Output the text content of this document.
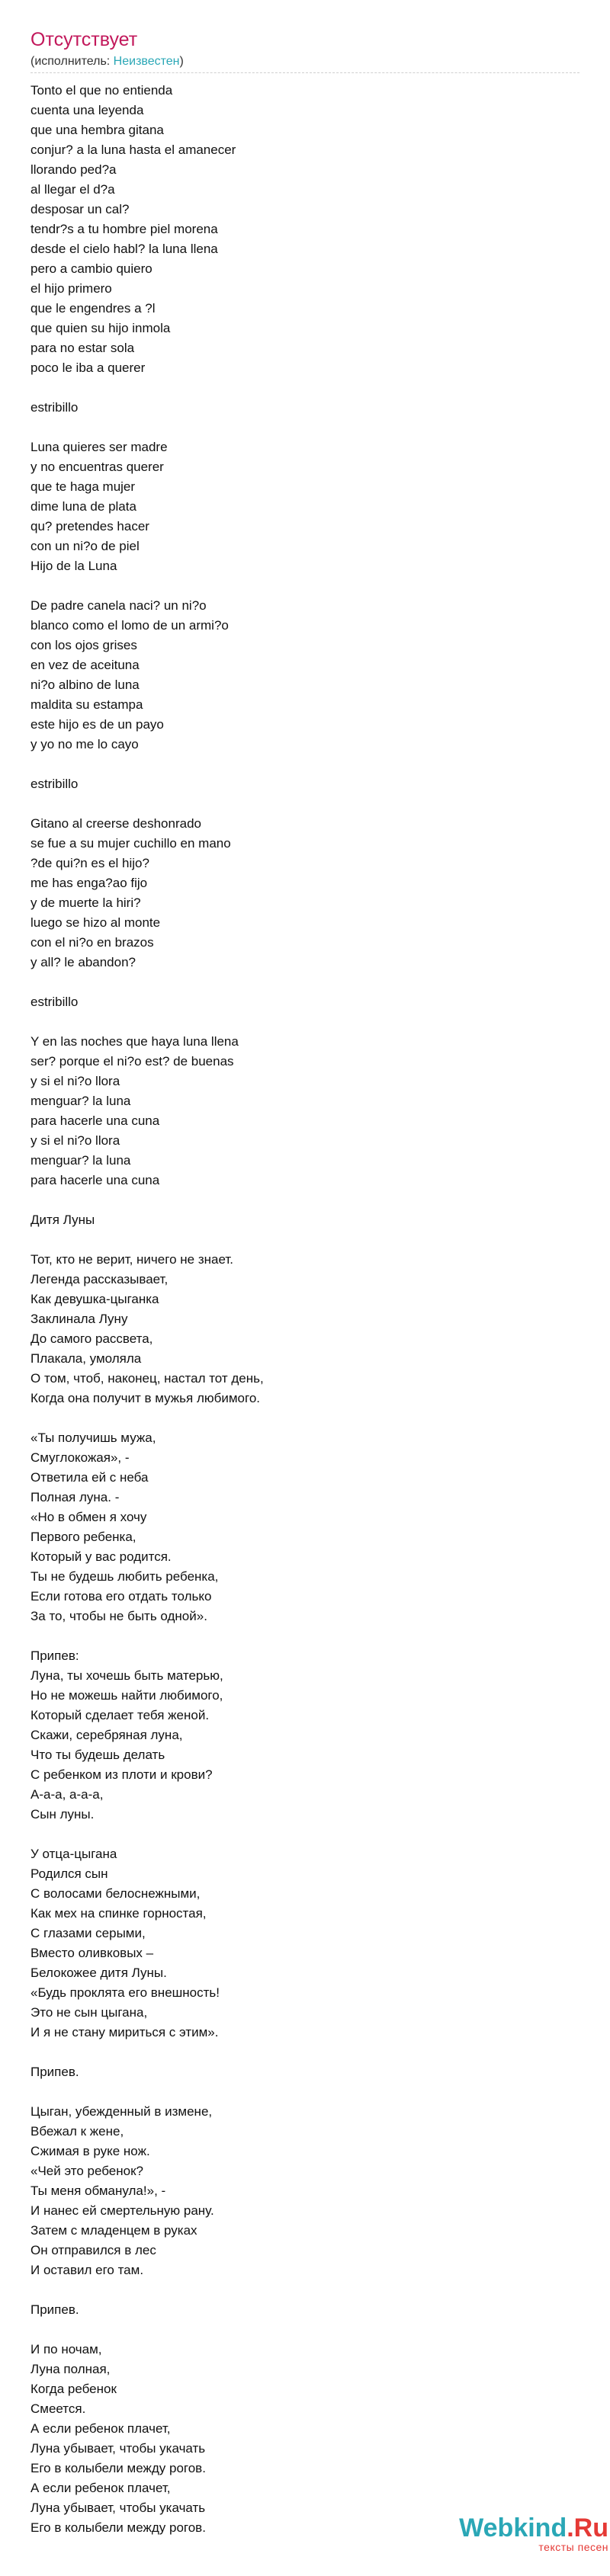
Отсутствует
(исполнитель: Неизвестен)
Tonto el que no entienda
cuenta una leyenda
que una hembra gitana
conjur? a la luna hasta el amanecer
llorando ped?a
al llegar el d?a
desposar un cal?
tendr?s a tu hombre piel morena
desde el cielo habl? la luna llena
pero a cambio quiero
el hijo primero
que le engendres a ?l
que quien su hijo inmola
para no estar sola
poco le iba a querer
estribillo
Luna quieres ser madre
y no encuentras querer
que te haga mujer
dime luna de plata
qu? pretendes hacer
con un ni?o de piel
Hijo de la Luna
De padre canela naci? un ni?o
blanco como el lomo de un armi?o
con los ojos grises
en vez de aceituna
ni?o albino de luna
maldita su estampa
este hijo es de un payo
y yo no me lo cayo
estribillo
Gitano al creerse deshonrado
se fue a su mujer cuchillo en mano
?de qui?n es el hijo?
me has enga?ao fijo
y de muerte la hiri?
luego se hizo al monte
con el ni?o en brazos
y all? le abandon?
estribillo
Y en las noches que haya luna llena
ser? porque el ni?o est? de buenas
y si el ni?o llora
menguar? la luna
para hacerle una cuna
y si el ni?o llora
menguar? la luna
para hacerle una cuna
Дитя Луны
Тот, кто не верит, ничего не знает.
Легенда рассказывает,
Как девушка-цыганка
Заклинала Луну
До самого рассвета,
Плакала, умоляла
О том, чтоб, наконец, настал тот день,
Когда она получит в мужья любимого.
«Ты получишь мужа,
Смуглокожая», -
Ответила ей с неба
Полная луна. -
«Но в обмен я хочу
Первого ребенка,
Который у вас родится.
Ты не будешь любить ребенка,
Если готова его отдать только
За то, чтобы не быть одной».
Припев:
Луна, ты хочешь быть матерью,
Но не можешь найти любимого,
Который сделает тебя женой.
Скажи, серебряная луна,
Что ты будешь делать
С ребенком из плоти и крови?
А-а-а, а-а-а,
Сын луны.
У отца-цыгана
Родился сын
С волосами белоснежными,
Как мех на спинке горностая,
С глазами серыми,
Вместо оливковых –
Белокожее дитя Луны.
«Будь проклята его внешность!
Это не сын цыгана,
И я не стану мириться с этим».
Припев.
Цыган, убежденный в измене,
Вбежал к жене,
Сжимая в руке нож.
«Чей это ребенок?
Ты меня обманула!», -
И нанес ей смертельную рану.
Затем с младенцем в руках
Он отправился в лес
И оставил его там.
Припев.
И по ночам,
Луна полная,
Когда ребенок
Смеется.
А если ребенок плачет,
Луна убывает, чтобы укачать
Его в колыбели между рогов.
А если ребенок плачет,
Луна убывает, чтобы укачать
Его в колыбели между рогов.	Webkind.Ru
тексты песен
